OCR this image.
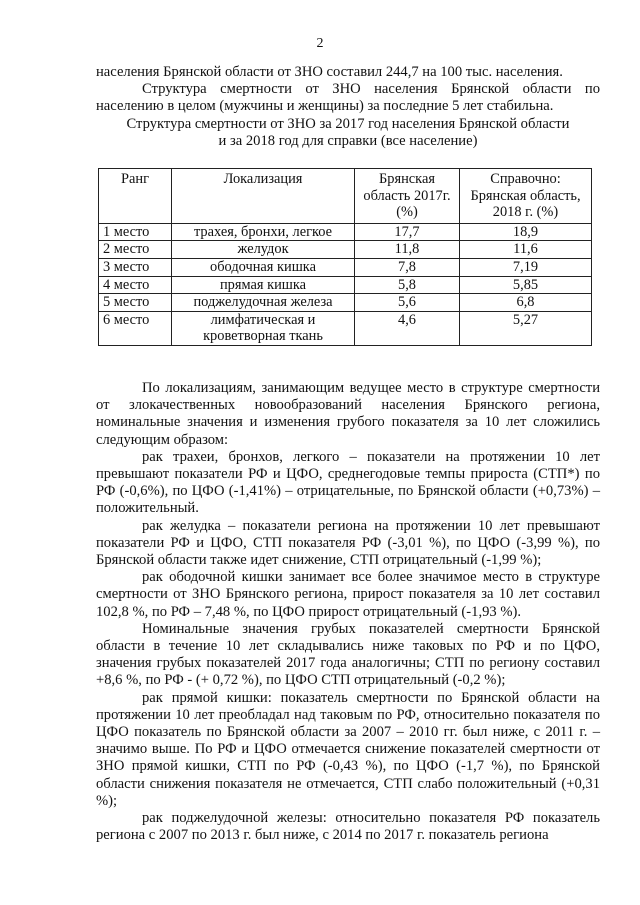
2

населения Брянской области от ЗНО составил 244,7 на 100 тыс. населения.

Структура смертности от ЗНО населения Брянской области по населению в целом (мужчины и женщины) за последние 5 лет стабильна.

Структура смертности от ЗНО за 2017 год населения Брянской области

и за 2018 год для справки (все население)

Ранг	Локализация	Брянская область 2017г. (%)	Справочно: Брянская область, 2018 г. (%)
1 место	трахея, бронхи, легкое	17,7	18,9
2 место	желудок	11,8	11,6
3 место	ободочная кишка	7,8	7,19
4 место	прямая кишка	5,8	5,85
5 место	поджелудочная железа	5,6	6,8
6 место	лимфатическая и кроветворная ткань	4,6	5,27

По локализациям, занимающим ведущее место в структуре смертности от злокачественных новообразований населения Брянского региона, номинальные значения и изменения грубого показателя за 10 лет сложились следующим образом:

рак трахеи, бронхов, легкого – показатели на протяжении 10 лет превышают показатели РФ и ЦФО, среднегодовые темпы прироста (СТП*) по РФ (-0,6%), по ЦФО (-1,41%) – отрицательные, по Брянской области (+0,73%) – положительный.

рак желудка – показатели региона на протяжении 10 лет превышают показатели РФ и ЦФО, СТП показателя РФ (-3,01 %), по ЦФО (-3,99 %), по Брянской области также идет снижение, СТП отрицательный (-1,99 %);

рак ободочной кишки занимает все более значимое место в структуре смертности от ЗНО Брянского региона, прирост показателя за 10 лет составил 102,8 %, по РФ – 7,48 %, по ЦФО прирост отрицательный (-1,93 %).

Номинальные значения грубых показателей смертности Брянской области в течение 10 лет складывались ниже таковых по РФ и по ЦФО, значения грубых показателей 2017 года аналогичны; СТП по региону составил +8,6 %, по РФ - (+ 0,72 %), по ЦФО СТП отрицательный (-0,2 %);

рак прямой кишки: показатель смертности по Брянской области на протяжении 10 лет преобладал над таковым по РФ, относительно показателя по ЦФО показатель по Брянской области за 2007 – 2010 гг. был ниже, с 2011 г. – значимо выше. По РФ и ЦФО отмечается снижение показателей смертности от ЗНО прямой кишки, СТП по РФ (-0,43 %), по ЦФО (-1,7 %), по Брянской области снижения показателя не отмечается, СТП слабо положительный (+0,31 %);

рак поджелудочной железы: относительно показателя РФ показатель региона с 2007 по 2013 г. был ниже, с 2014 по 2017 г. показатель региона
